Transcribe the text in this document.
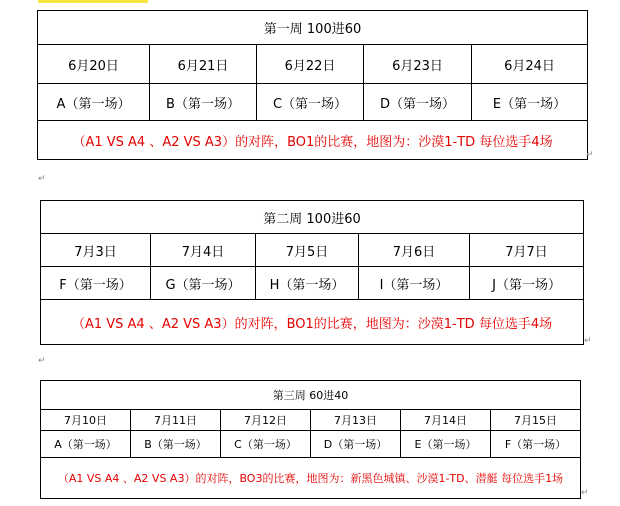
第一周 100进60				
6月20日	6月21日	6月22日	6月23日	6月24日
A（第一场）	B（第一场）	C（第一场）	D（第一场）	E（第一场）
（A1 VS A4 、A2 VS A3）的对阵，BO1的比赛，地图为：沙漠1-TD 每位选手4场				
↵
↵
第二周 100进60				
7月3日	7月4日	7月5日	7月6日	7月7日
F（第一场）	G（第一场）	H（第一场）	I（第一场）	J（第一场）
（A1 VS A4 、A2 VS A3）的对阵，BO1的比赛，地图为：沙漠1-TD 每位选手4场				
↵
↵
第三周 60进40					
7月10日	7月11日	7月12日	7月13日	7月14日	7月15日
A（第一场）	B（第一场）	C（第一场）	D（第一场）	E（第一场）	F（第一场）
（A1 VS A4 、A2 VS A3）的对阵，BO3的比赛，地图为：新黑色城镇、沙漠1-TD、潜艇 每位选手1场					
↵
